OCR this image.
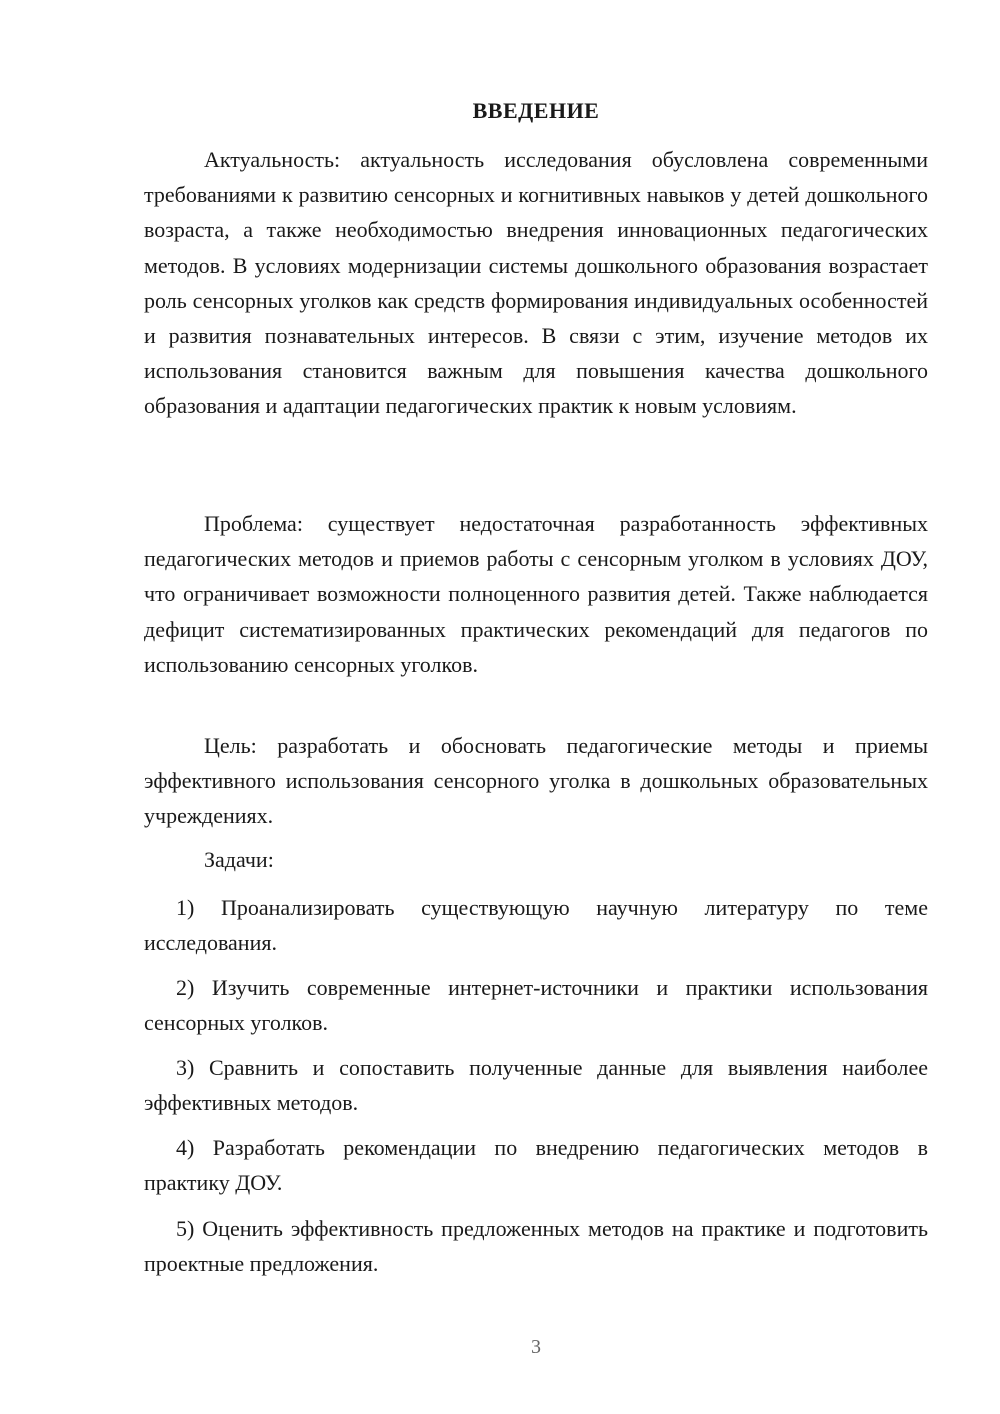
ВВЕДЕНИЕ

Актуальность: актуальность исследования обусловлена современными требованиями к развитию сенсорных и когнитивных навыков у детей дошкольного возраста, а также необходимостью внедрения инновационных педагогических методов. В условиях модернизации системы дошкольного образования возрастает роль сенсорных уголков как средств формирования индивидуальных особенностей и развития познавательных интересов. В связи с этим, изучение методов их использования становится важным для повышения качества дошкольного образования и адаптации педагогических практик к новым условиям.

Проблема: существует недостаточная разработанность эффективных педагогических методов и приемов работы с сенсорным уголком в условиях ДОУ, что ограничивает возможности полноценного развития детей. Также наблюдается дефицит систематизированных практических рекомендаций для педагогов по использованию сенсорных уголков.

Цель: разработать и обосновать педагогические методы и приемы эффективного использования сенсорного уголка в дошкольных образовательных учреждениях.

Задачи:

1) Проанализировать существующую научную литературу по теме исследования.

2) Изучить современные интернет-источники и практики использования сенсорных уголков.

3) Сравнить и сопоставить полученные данные для выявления наиболее эффективных методов.

4) Разработать рекомендации по внедрению педагогических методов в практику ДОУ.

5) Оценить эффективность предложенных методов на практике и подготовить проектные предложения.

3
